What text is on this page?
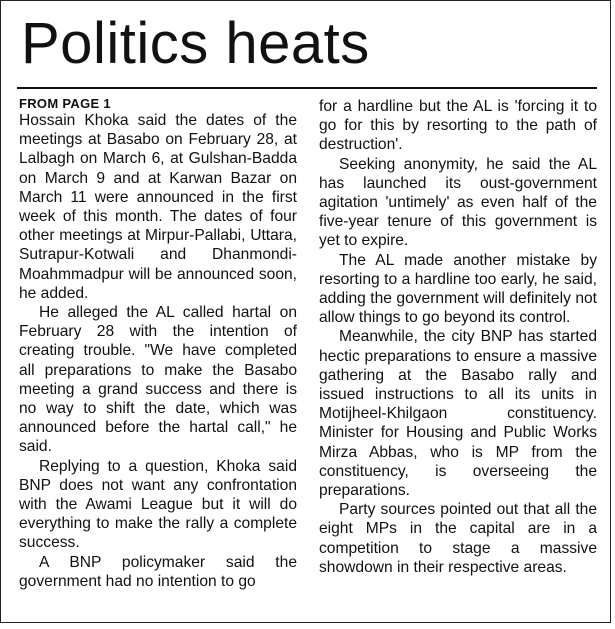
Politics heats
FROM PAGE 1

Hossain Khoka said the dates of the meetings at Basabo on February 28, at Lalbagh on March 6, at Gulshan-Badda on March 9 and at Karwan Bazar on March 11 were announced in the first week of this month. The dates of four other meetings at Mirpur-Pallabi, Uttara, Sutrapur-Kotwali and Dhanmondi-Moahmmadpur will be announced soon, he added.

He alleged the AL called hartal on February 28 with the intention of creating trouble. "We have completed all preparations to make the Basabo meeting a grand success and there is no way to shift the date, which was announced before the hartal call," he said.

Replying to a question, Khoka said BNP does not want any confrontation with the Awami League but it will do everything to make the rally a complete success.

A BNP policymaker said the government had no intention to go

for a hardline but the AL is 'forcing it to go for this by resorting to the path of destruction'.

Seeking anonymity, he said the AL has launched its oust-government agitation 'untimely' as even half of the five-year tenure of this government is yet to expire.

The AL made another mistake by resorting to a hardline too early, he said, adding the government will definitely not allow things to go beyond its control.

Meanwhile, the city BNP has started hectic preparations to ensure a massive gathering at the Basabo rally and issued instructions to all its units in Motijheel-Khilgaon constituency. Minister for Housing and Public Works Mirza Abbas, who is MP from the constituency, is overseeing the preparations.

Party sources pointed out that all the eight MPs in the capital are in a competition to stage a massive showdown in their respective areas.
